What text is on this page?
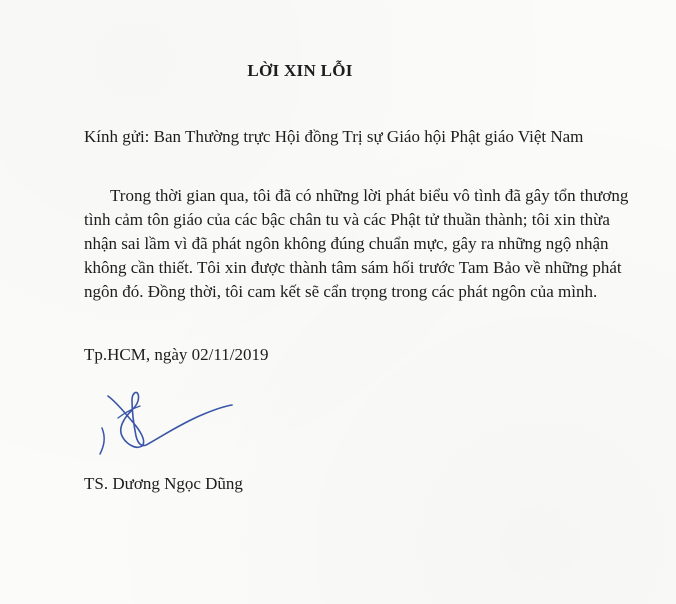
LỜI XIN LỖI
Kính gửi: Ban Thường trực Hội đồng Trị sự Giáo hội Phật giáo Việt Nam
Trong thời gian qua, tôi đã có những lời phát biểu vô tình đã gây tổn thương
tình cảm tôn giáo của các bậc chân tu và các Phật tử thuần thành; tôi xin thừa
nhận sai lầm vì đã phát ngôn không đúng chuẩn mực, gây ra những ngộ nhận
không cần thiết. Tôi xin được thành tâm sám hối trước Tam Bảo về những phát
ngôn đó. Đồng thời, tôi cam kết sẽ cẩn trọng trong các phát ngôn của mình.
Tp.HCM, ngày 02/11/2019
TS. Dương Ngọc Dũng
